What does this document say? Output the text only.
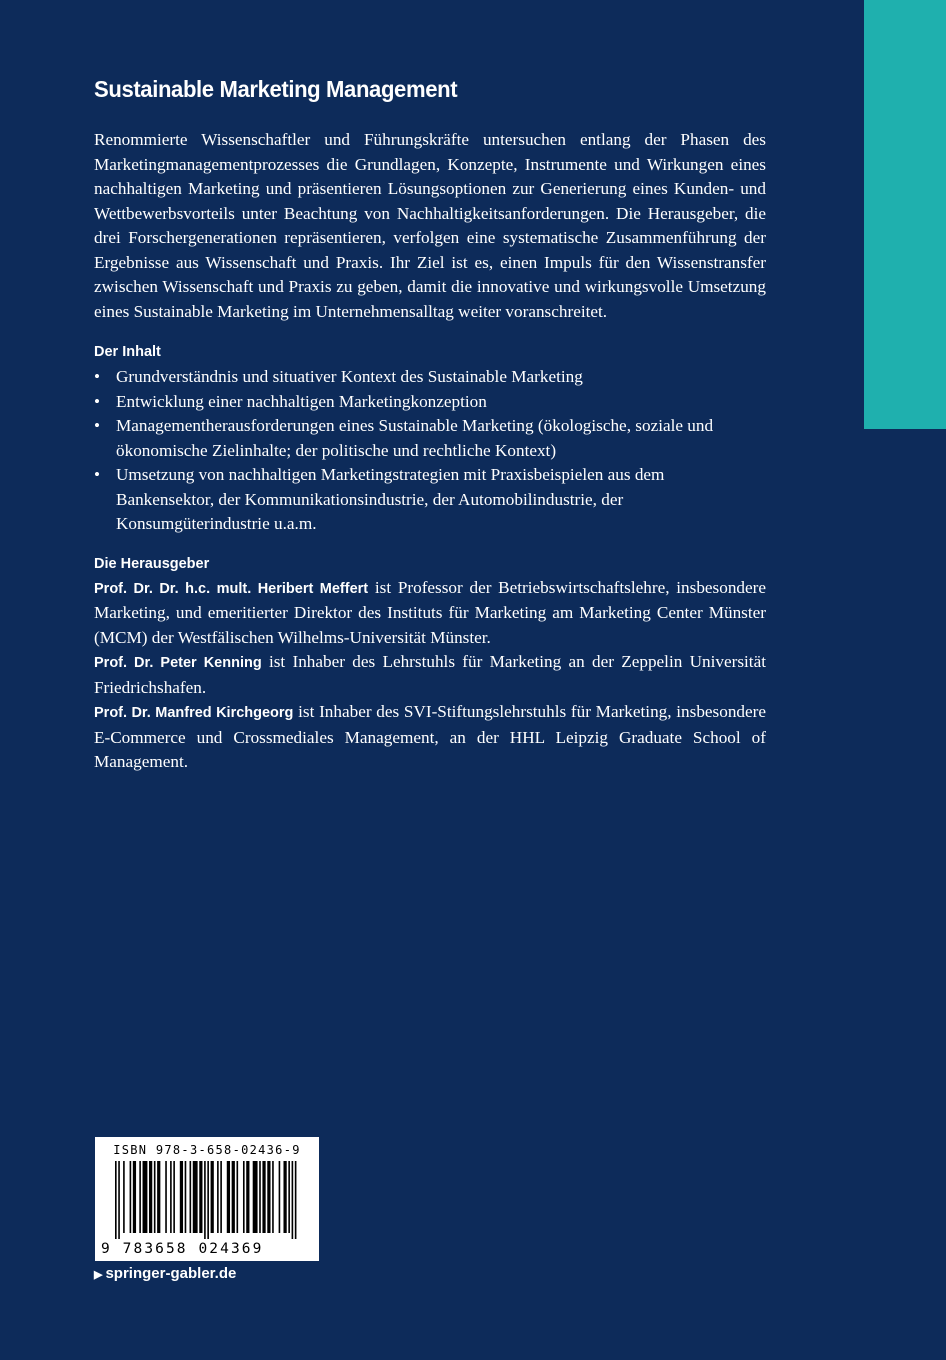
Sustainable Marketing Management

Renommierte Wissenschaftler und Führungskräfte untersuchen entlang der Phasen des Marketingmanagementprozesses die Grundlagen, Konzepte, Instrumente und Wirkungen eines nachhaltigen Marketing und präsentieren Lösungsoptionen zur Generierung eines Kunden- und Wettbewerbsvorteils unter Beachtung von Nachhaltigkeitsanforderungen. Die Herausgeber, die drei Forschergenerationen repräsentieren, verfolgen eine systematische Zusammenführung der Ergebnisse aus Wissenschaft und Praxis. Ihr Ziel ist es, einen Impuls für den Wissenstransfer zwischen Wissenschaft und Praxis zu geben, damit die innovative und wirkungsvolle Umsetzung eines Sustainable Marketing im Unternehmensalltag weiter voranschreitet.

Der Inhalt
• Grundverständnis und situativer Kontext des Sustainable Marketing
• Entwicklung einer nachhaltigen Marketingkonzeption
• Managementherausforderungen eines Sustainable Marketing (ökologische, soziale und ökonomische Zielinhalte; der politische und rechtliche Kontext)
• Umsetzung von nachhaltigen Marketingstrategien mit Praxisbeispielen aus dem Bankensektor, der Kommunikationsindustrie, der Automobilindustrie, der Konsumgüterindustrie u.a.m.
Die Herausgeber

Prof. Dr. Dr. h.c. mult. Heribert Meffert ist Professor der Betriebswirtschaftslehre, insbesondere Marketing, und emeritierter Direktor des Instituts für Marketing am Marketing Center Münster (MCM) der Westfälischen Wilhelms-Universität Münster.

Prof. Dr. Peter Kenning ist Inhaber des Lehrstuhls für Marketing an der Zeppelin Universität Friedrichshafen.

Prof. Dr. Manfred Kirchgeorg ist Inhaber des SVI-Stiftungslehrstuhls für Marketing, insbesondere E-Commerce und Crossmediales Management, an der HHL Leipzig Graduate School of Management.

ISBN 978-3-658-02436-9
9 783658 024369
▶ springer-gabler.de
